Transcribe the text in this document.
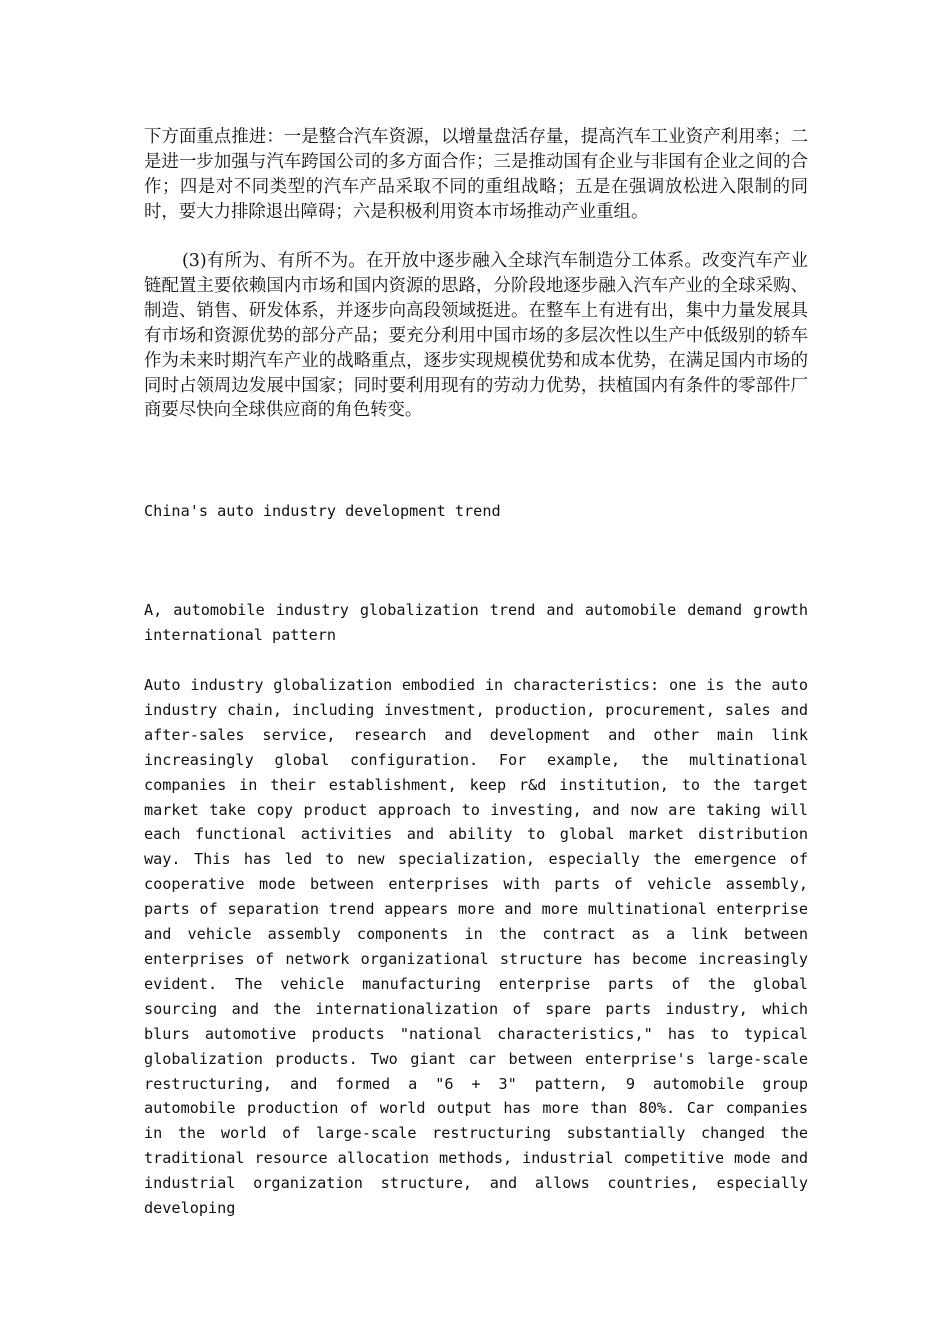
下方面重点推进：一是整合汽车资源，以增量盘活存量，提高汽车工业资产利用率；二是进一步加强与汽车跨国公司的多方面合作；三是推动国有企业与非国有企业之间的合作；四是对不同类型的汽车产品采取不同的重组战略；五是在强调放松进入限制的同时，要大力排除退出障碍；六是积极利用资本市场推动产业重组。

(3)有所为、有所不为。在开放中逐步融入全球汽车制造分工体系。改变汽车产业链配置主要依赖国内市场和国内资源的思路，分阶段地逐步融入汽车产业的全球采购、制造、销售、研发体系，并逐步向高段领域挺进。在整车上有进有出，集中力量发展具有市场和资源优势的部分产品；要充分利用中国市场的多层次性以生产中低级别的轿车作为未来时期汽车产业的战略重点，逐步实现规模优势和成本优势，在满足国内市场的同时占领周边发展中国家；同时要利用现有的劳动力优势，扶植国内有条件的零部件厂商要尽快向全球供应商的角色转变。

China's auto industry development trend

A, automobile industry globalization trend and automobile demand growth international pattern

Auto industry globalization embodied in characteristics: one is the auto industry chain, including investment, production, procurement, sales and after-sales service, research and development and other main link increasingly global configuration. For example, the multinational companies in their establishment, keep r&d institution, to the target market take copy product approach to investing, and now are taking will each functional activities and ability to global market distribution way. This has led to new specialization, especially the emergence of cooperative mode between enterprises with parts of vehicle assembly, parts of separation trend appears more and more multinational enterprise and vehicle assembly components in the contract as a link between enterprises of network organizational structure has become increasingly evident. The vehicle manufacturing enterprise parts of the global sourcing and the internationalization of spare parts industry, which blurs automotive products "national characteristics," has to typical globalization products. Two giant car between enterprise's large-scale restructuring, and formed a "6 + 3" pattern, 9 automobile group automobile production of world output has more than 80%. Car companies in the world of large-scale restructuring substantially changed the traditional resource allocation methods, industrial competitive mode and industrial organization structure, and allows countries, especially developing
